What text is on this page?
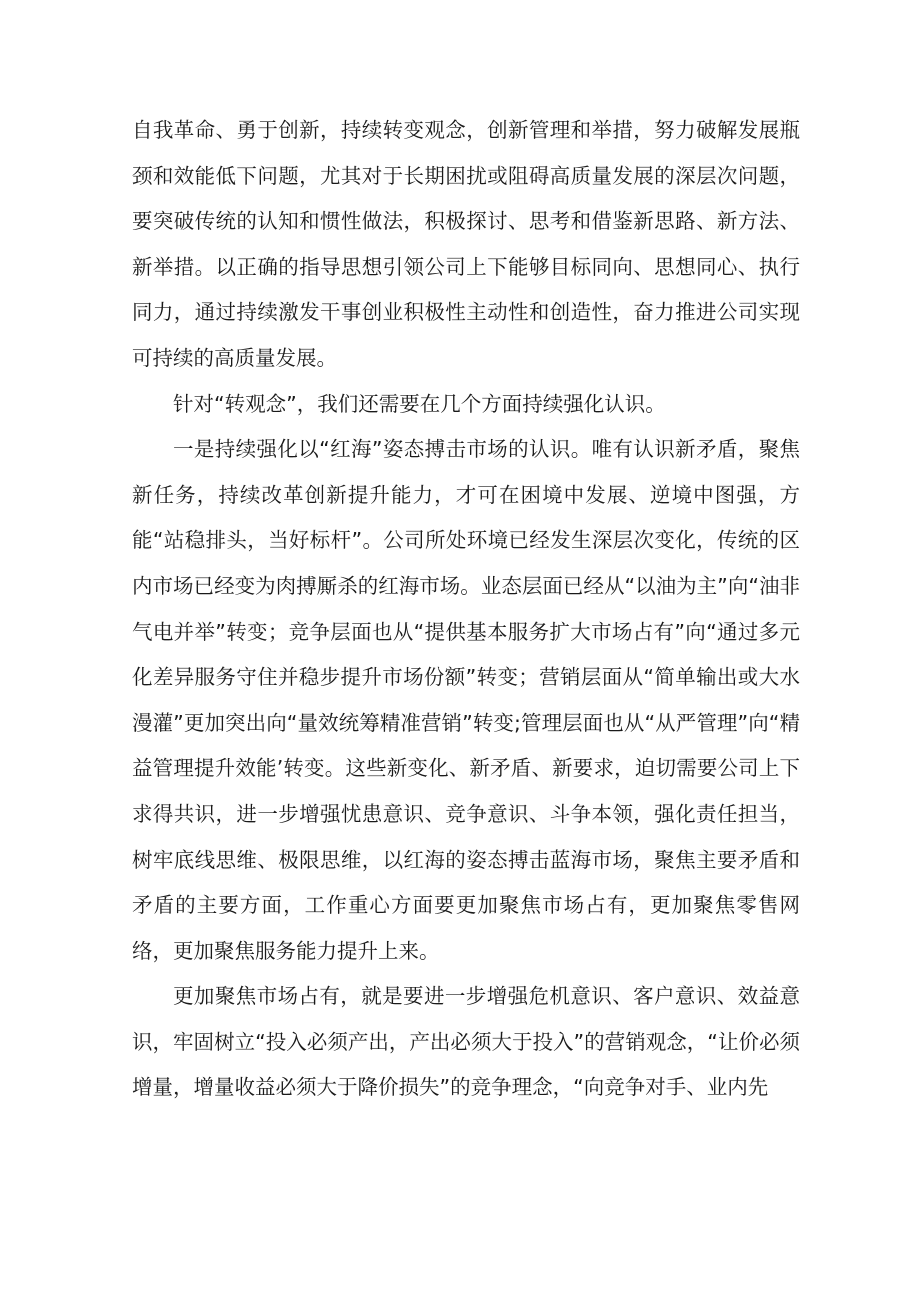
自我革命、勇于创新，持续转变观念，创新管理和举措，努力破解发展瓶颈和效能低下问题，尤其对于长期困扰或阻碍高质量发展的深层次问题，要突破传统的认知和惯性做法，积极探讨、思考和借鉴新思路、新方法、新举措。以正确的指导思想引领公司上下能够目标同向、思想同心、执行同力，通过持续激发干事创业积极性主动性和创造性，奋力推进公司实现可持续的高质量发展。

针对“转观念”，我们还需要在几个方面持续强化认识。

一是持续强化以“红海”姿态搏击市场的认识。唯有认识新矛盾，聚焦新任务，持续改革创新提升能力，才可在困境中发展、逆境中图强，方能“站稳排头，当好标杆”。公司所处环境已经发生深层次变化，传统的区内市场已经变为肉搏厮杀的红海市场。业态层面已经从“以油为主”向“油非气电并举”转变；竞争层面也从“提供基本服务扩大市场占有”向“通过多元化差异服务守住并稳步提升市场份额”转变；营销层面从“简单输出或大水漫灌”更加突出向“量效统筹精准营销”转变;管理层面也从“从严管理”向“精益管理提升效能’转变。这些新变化、新矛盾、新要求，迫切需要公司上下求得共识，进一步增强忧患意识、竞争意识、斗争本领，强化责任担当，树牢底线思维、极限思维，以红海的姿态搏击蓝海市场，聚焦主要矛盾和矛盾的主要方面，工作重心方面要更加聚焦市场占有，更加聚焦零售网络，更加聚焦服务能力提升上来。

更加聚焦市场占有，就是要进一步增强危机意识、客户意识、效益意识，牢固树立“投入必须产出，产出必须大于投入”的营销观念，“让价必须增量，增量收益必须大于降价损失”的竞争理念，“向竞争对手、业内先
